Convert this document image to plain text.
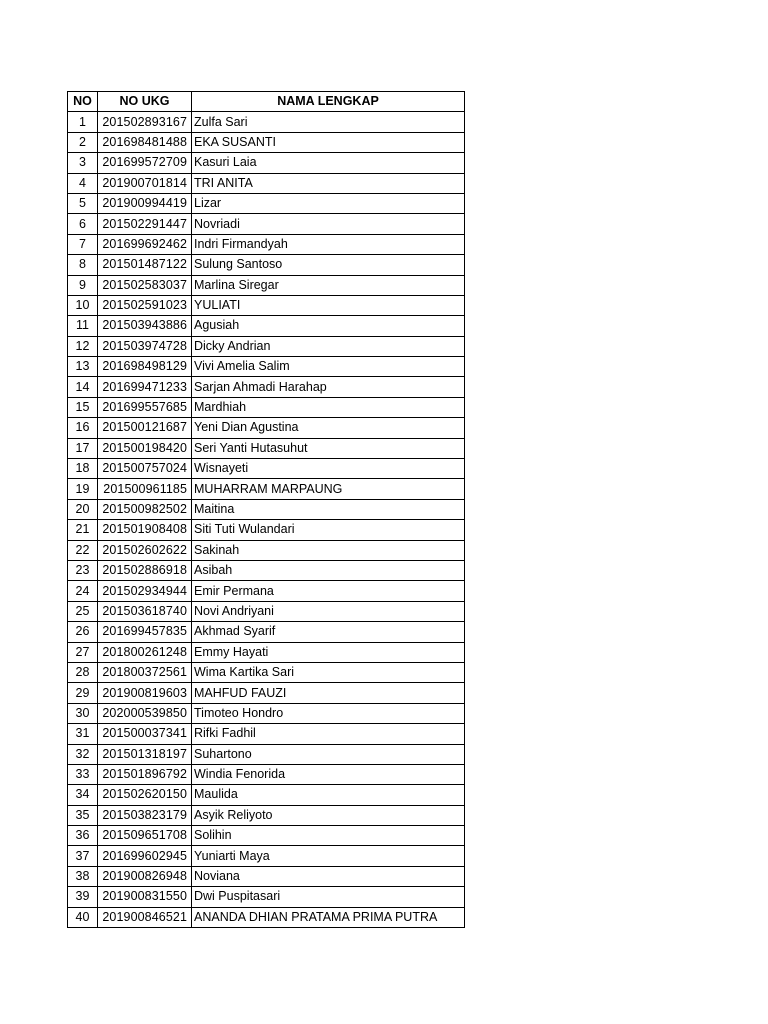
NO	NO UKG	NAMA LENGKAP
1	201502893167	Zulfa Sari
2	201698481488	EKA SUSANTI
3	201699572709	Kasuri Laia
4	201900701814	TRI ANITA
5	201900994419	Lizar
6	201502291447	Novriadi
7	201699692462	Indri Firmandyah
8	201501487122	Sulung Santoso
9	201502583037	Marlina Siregar
10	201502591023	YULIATI
11	201503943886	Agusiah
12	201503974728	Dicky Andrian
13	201698498129	Vivi Amelia Salim
14	201699471233	Sarjan Ahmadi Harahap
15	201699557685	Mardhiah
16	201500121687	Yeni Dian Agustina
17	201500198420	Seri Yanti Hutasuhut
18	201500757024	Wisnayeti
19	201500961185	MUHARRAM MARPAUNG
20	201500982502	Maitina
21	201501908408	Siti Tuti Wulandari
22	201502602622	Sakinah
23	201502886918	Asibah
24	201502934944	Emir Permana
25	201503618740	Novi Andriyani
26	201699457835	Akhmad Syarif
27	201800261248	Emmy Hayati
28	201800372561	Wima Kartika Sari
29	201900819603	MAHFUD FAUZI
30	202000539850	Timoteo Hondro
31	201500037341	Rifki Fadhil
32	201501318197	Suhartono
33	201501896792	Windia Fenorida
34	201502620150	Maulida
35	201503823179	Asyik Reliyoto
36	201509651708	Solihin
37	201699602945	Yuniarti Maya
38	201900826948	Noviana
39	201900831550	Dwi Puspitasari
40	201900846521	ANANDA DHIAN PRATAMA PRIMA PUTRA
